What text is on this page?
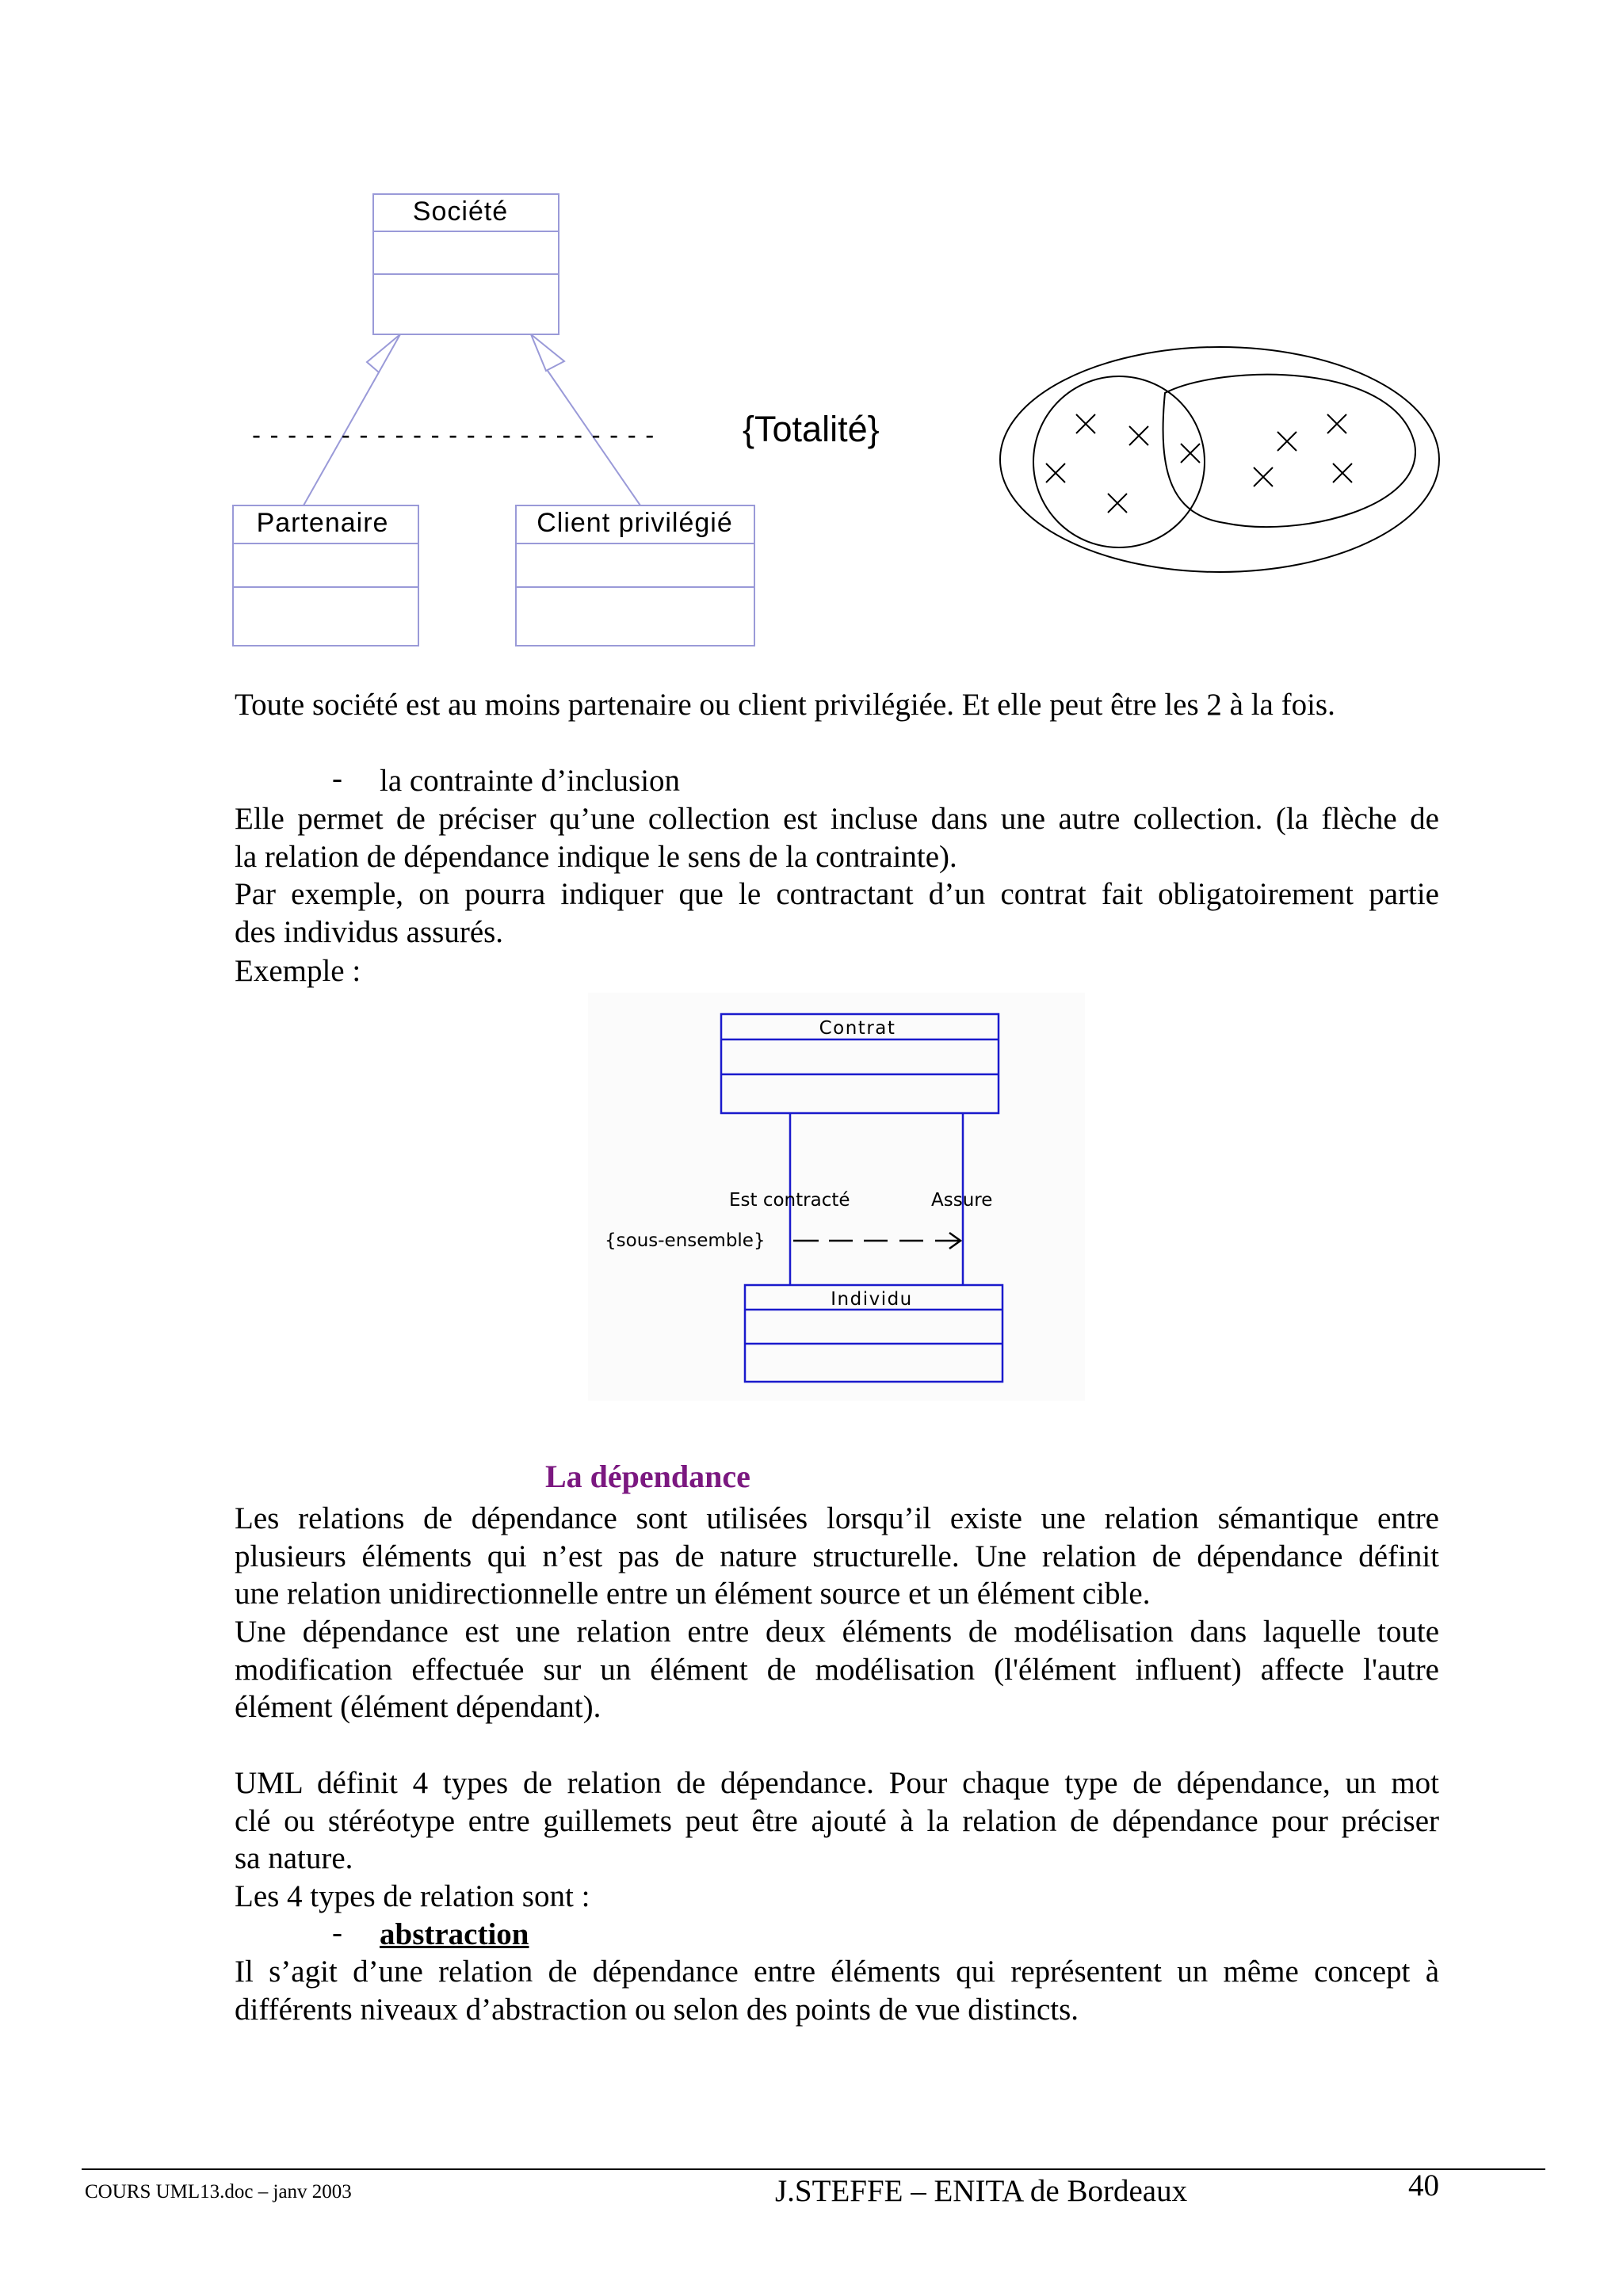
Société
Partenaire	Client privilégié
- - - - - - - - - - - - - - - - - - - - - - - {Totalité}
Toute société est au moins partenaire ou client privilégiée. Et elle peut être les 2 à la fois.
- la contrainte d’inclusion
Elle permet de préciser qu’une collection est incluse dans une autre collection. (la flèche de
la relation de dépendance indique le sens de la contrainte).
Par exemple, on pourra indiquer que le contractant d’un contrat fait obligatoirement partie
des individus assurés.
Exemple :
Contrat
Est contracté	Assure
{sous-ensemble}
Individu
La dépendance
Les relations de dépendance sont utilisées lorsqu’il existe une relation sémantique entre
plusieurs éléments qui n’est pas de nature structurelle. Une relation de dépendance définit
une relation unidirectionnelle entre un élément source et un élément cible.
Une dépendance est une relation entre deux éléments de modélisation dans laquelle toute
modification effectuée sur un élément de modélisation (l'élément influent) affecte l'autre
élément (élément dépendant).
UML définit 4 types de relation de dépendance. Pour chaque type de dépendance, un mot
clé ou stéréotype entre guillemets peut être ajouté à la relation de dépendance pour préciser
sa nature.
Les 4 types de relation sont :
- abstraction
Il s’agit d’une relation de dépendance entre éléments qui représentent un même concept à
différents niveaux d’abstraction ou selon des points de vue distincts.
COURS UML13.doc – janv 2003	J.STEFFE – ENITA de Bordeaux	40
